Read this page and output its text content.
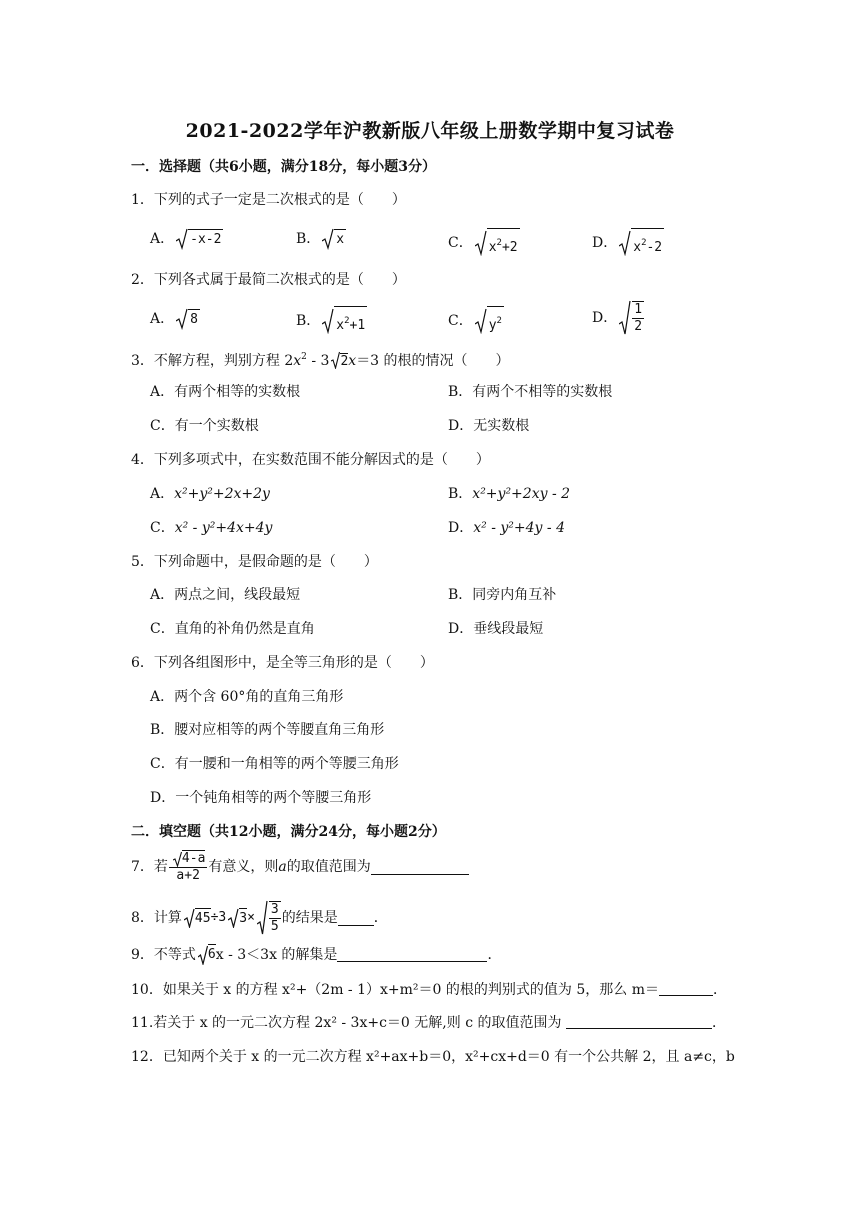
2021-2022学年沪教新版八年级上册数学期中复习试卷
一．选择题（共6小题，满分18分，每小题3分）
1．下列的式子一定是二次根式的是（　　）
A． -x-2	B． x	C． $x^2+2$	D． $x^2-2$
2．下列各式属于最简二次根式的是（　　）
A． 8	B． $x^2+1$	C． $y^2$	D． $\frac{1}{2}$
3．不解方程，判别方程 $2x^2 - 3$ 2x＝3 的根的情况（　　）
A．有两个相等的实数根	B．有两个不相等的实数根
C．有一个实数根	D．无实数根
4．下列多项式中，在实数范围不能分解因式的是（　　）
A．x²+y²+2x+2y	B．x²+y²+2xy - 2
C．x² - y²+4x+4y	D．x² - y²+4y - 4
5．下列命题中，是假命题的是（　　）
A．两点之间，线段最短	B．同旁内角互补
C．直角的补角仍然是直角	D．垂线段最短
6．下列各组图形中，是全等三角形的是（　　）
A．两个含 60°角的直角三角形
B．腰对应相等的两个等腰直角三角形
C．有一腰和一角相等的两个等腰三角形
D．一个钝角相等的两个等腰三角形
二．填空题（共12小题，满分24分，每小题2分）
7．若 $\frac{4-a}{a+2}$ 有意义，则 a 的取值范围为
8．计算 45 ÷3 $3 \times \frac{3}{5}$ 的结果是	．
9．不等式 6 x - 3＜3x 的解集是	．
10．如果关于 x 的方程 x²+（2m - 1）x+m²＝0 的根的判别式的值为 5，那么 m＝	．
11.若关于 x 的一元二次方程 2x² - 3x+c＝0 无解,则 c 的取值范围为	．
12．已知两个关于 x 的一元二次方程 x²+ax+b＝0，x²+cx+d＝0 有一个公共解 2，且 a≠c，b
